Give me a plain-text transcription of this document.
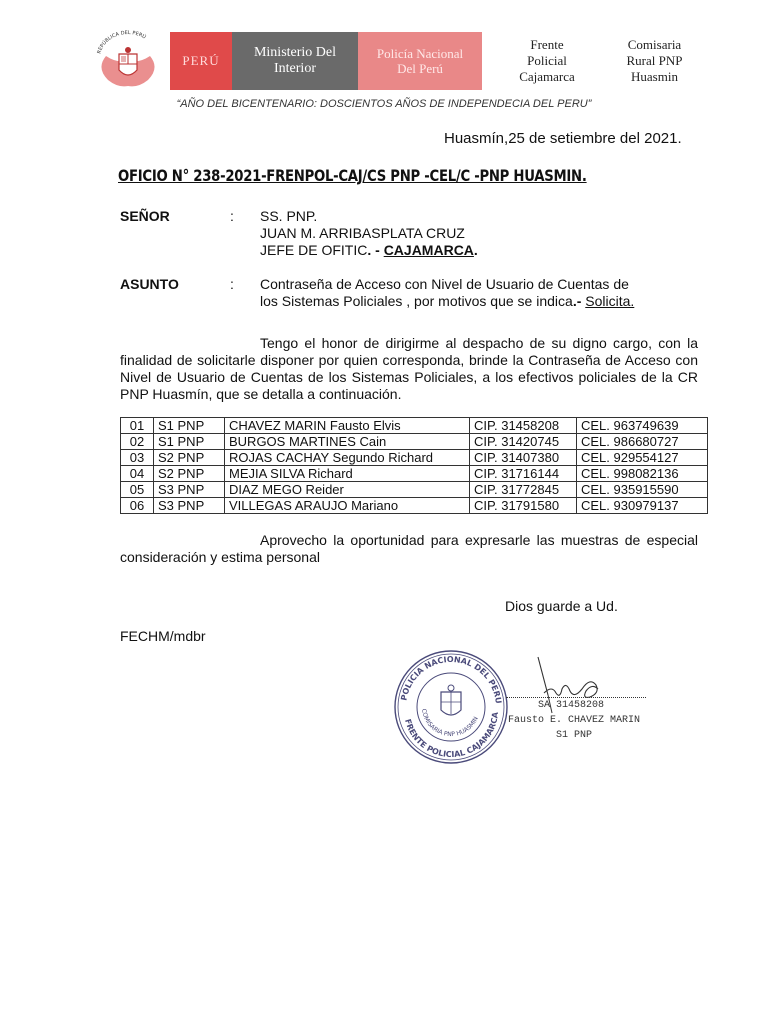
REPÚBLICA DEL PERÚ
PERÚ
Ministerio Del
Interior
Policía Nacional
Del Perú
Frente
Policial
Cajamarca
Comisaria
Rural PNP
Huasmin
“AÑO DEL BICENTENARIO: DOSCIENTOS AÑOS DE INDEPENDECIA DEL PERU”
Huasmín,25 de setiembre del 2021.
OFICIO N° 238-2021-FRENPOL-CAJ/CS PNP -CEL/C -PNP HUASMIN.
SEÑOR	: SS. PNP.
JUAN M. ARRIBASPLATA CRUZ
JEFE DE OFITIC. - CAJAMARCA.
ASUNTO	: Contraseña de Acceso con Nivel de Usuario de Cuentas de
los Sistemas Policiales , por motivos que se indica.- Solicita.
Tengo el honor de dirigirme al despacho de su digno cargo, con la finalidad de solicitarle disponer por quien corresponda, brinde la Contraseña de Acceso con Nivel de Usuario de Cuentas de los Sistemas Policiales, a los efectivos policiales de la CR PNP Huasmín, que se detalla a continuación.
01	S1 PNP	CHAVEZ MARIN Fausto Elvis	CIP. 31458208	CEL. 963749639
02	S1 PNP	BURGOS MARTINES Cain	CIP. 31420745	CEL. 986680727
03	S2 PNP	ROJAS CACHAY Segundo Richard	CIP. 31407380	CEL. 929554127
04	S2 PNP	MEJIA SILVA Richard	CIP. 31716144	CEL. 998082136
05	S3 PNP	DIAZ MEGO Reider	CIP. 31772845	CEL. 935915590
06	S3 PNP	VILLEGAS ARAUJO Mariano	CIP. 31791580	CEL. 930979137
Aprovecho la oportunidad para expresarle las muestras de especial consideración y estima personal
Dios guarde a Ud.
FECHM/mdbr
POLICIA NACIONAL DEL PERU
FRENTE POLICIAL CAJAMARCA
COMISARIA PNP HUASMIN
SA 31458208
Fausto E. CHAVEZ MARIN
S1 PNP
